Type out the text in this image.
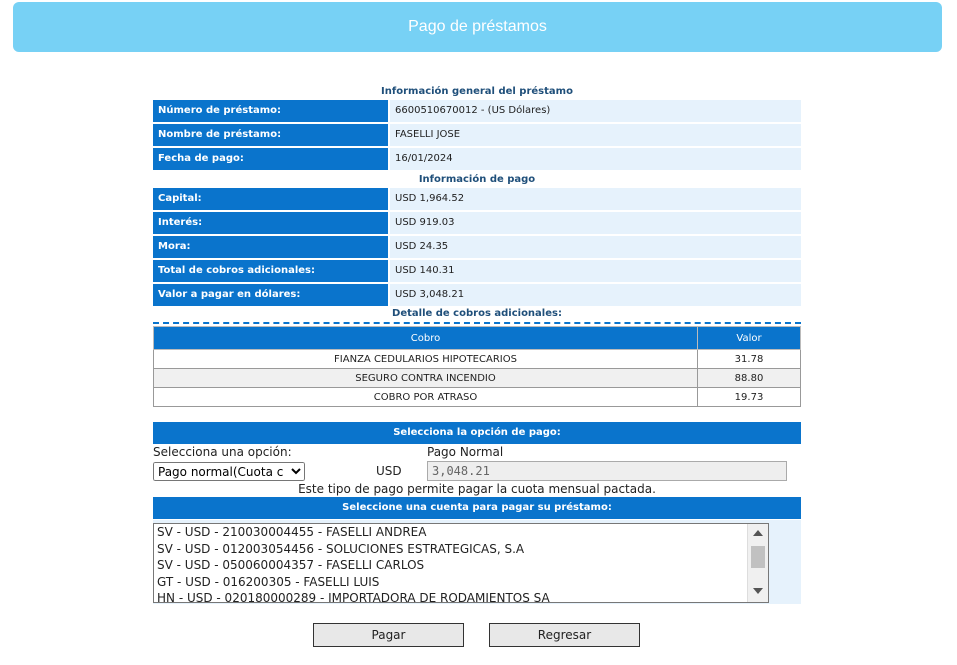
Pago de préstamos
Información general del préstamo
Número de préstamo:	6600510670012 - (US Dólares)
Nombre de préstamo:	FASELLI JOSE
Fecha de pago:	16/01/2024
Información de pago
Capital:	USD 1,964.52
Interés:	USD 919.03
Mora:	USD 24.35
Total de cobros adicionales:	USD 140.31
Valor a pagar en dólares:	USD 3,048.21
Detalle de cobros adicionales:
Cobro	Valor
FIANZA CEDULARIOS HIPOTECARIOS	31.78
SEGURO CONTRA INCENDIO	88.80
COBRO POR ATRASO	19.73
Selecciona la opción de pago:
Selecciona una opción:	Pago Normal
Pago normal(Cuota c
USD
3,048.21
Este tipo de pago permite pagar la cuota mensual pactada.
Seleccione una cuenta para pagar su préstamo:
SV - USD - 210030004455 - FASELLI ANDREA
SV - USD - 012003054456 - SOLUCIONES ESTRATEGICAS, S.A
SV - USD - 050060004357 - FASELLI CARLOS
GT - USD - 016200305 - FASELLI LUIS
HN - USD - 020180000289 - IMPORTADORA DE RODAMIENTOS SA
Pagar	Regresar
